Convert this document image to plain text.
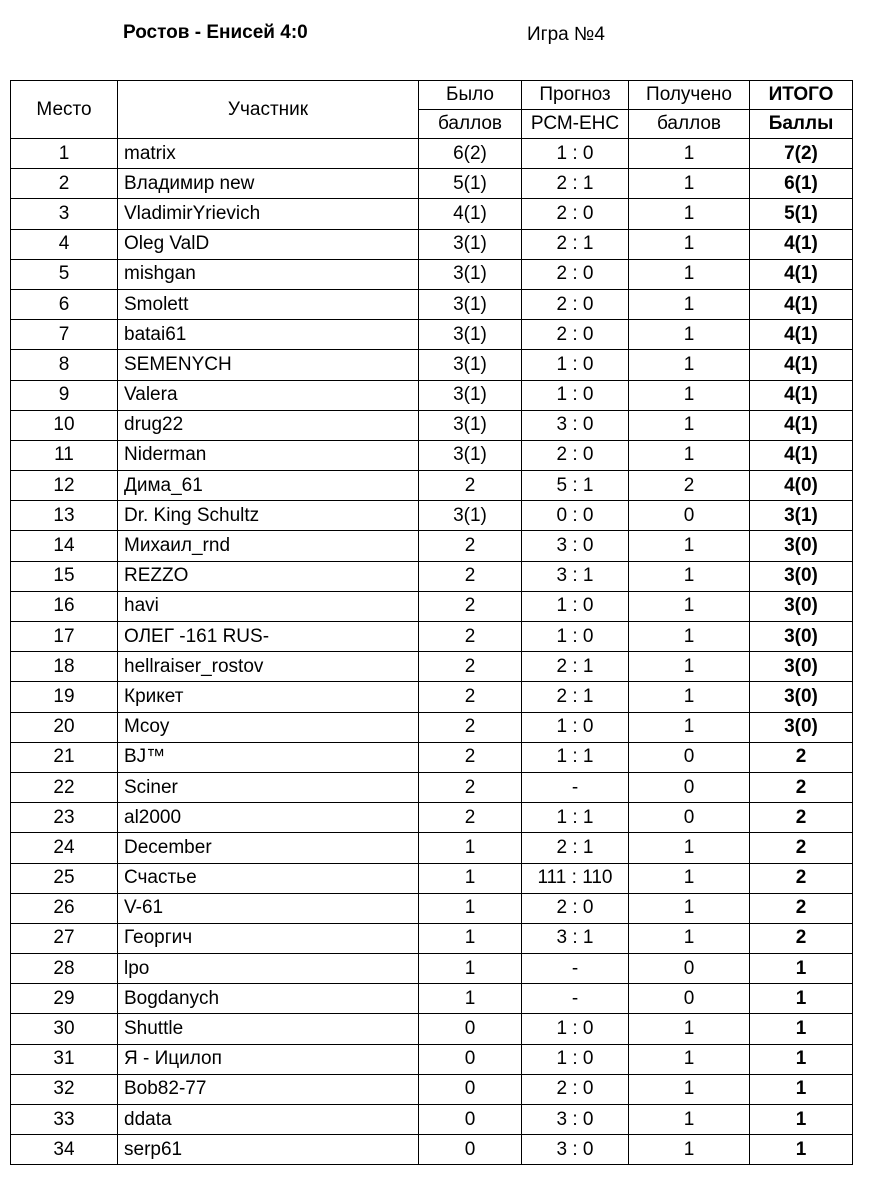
Ростов - Енисей 4:0	Игра №4
Место	Участник	Было	Прогноз	Получено	ИТОГО
		баллов	РСМ-ЕНС	баллов	Баллы
1	matrix	6(2)	1 : 0	1	7(2)
2	Владимир new	5(1)	2 : 1	1	6(1)
3	VladimirYrievich	4(1)	2 : 0	1	5(1)
4	Oleg ValD	3(1)	2 : 1	1	4(1)
5	mishgan	3(1)	2 : 0	1	4(1)
6	Smolett	3(1)	2 : 0	1	4(1)
7	batai61	3(1)	2 : 0	1	4(1)
8	SEMENYCH	3(1)	1 : 0	1	4(1)
9	Valera	3(1)	1 : 0	1	4(1)
10	drug22	3(1)	3 : 0	1	4(1)
11	Niderman	3(1)	2 : 0	1	4(1)
12	Дима_61	2	5 : 1	2	4(0)
13	Dr. King Schultz	3(1)	0 : 0	0	3(1)
14	Михаил_rnd	2	3 : 0	1	3(0)
15	REZZO	2	3 : 1	1	3(0)
16	havi	2	1 : 0	1	3(0)
17	ОЛЕГ -161 RUS-	2	1 : 0	1	3(0)
18	hellraiser_rostov	2	2 : 1	1	3(0)
19	Крикет	2	2 : 1	1	3(0)
20	Mcoy	2	1 : 0	1	3(0)
21	BJ™	2	1 : 1	0	2
22	Sciner	2	-	0	2
23	al2000	2	1 : 1	0	2
24	December	1	2 : 1	1	2
25	Счастье	1	111 : 110	1	2
26	V-61	1	2 : 0	1	2
27	Георгич	1	3 : 1	1	2
28	lpo	1	-	0	1
29	Bogdanych	1	-	0	1
30	Shuttle	0	1 : 0	1	1
31	Я - Ицилоп	0	1 : 0	1	1
32	Bob82-77	0	2 : 0	1	1
33	ddata	0	3 : 0	1	1
34	serp61	0	3 : 0	1	1
